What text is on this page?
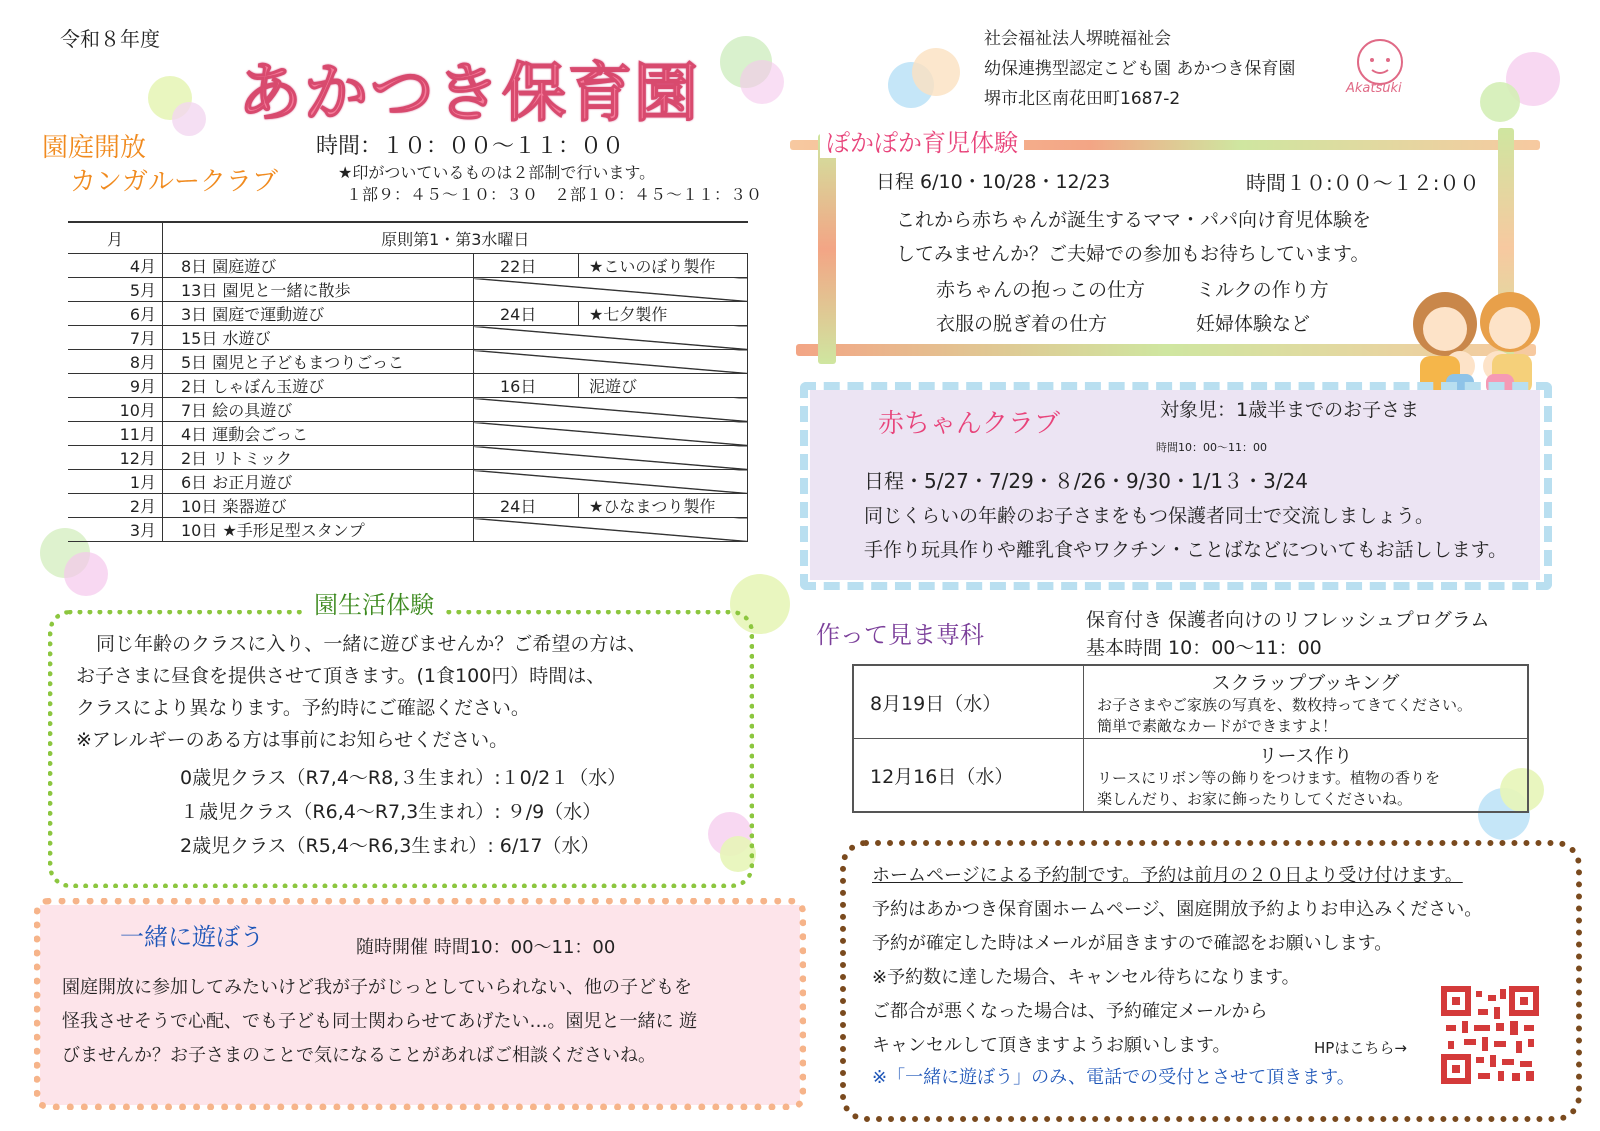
令和８年度
あかつき保育園
社会福祉法人堺暁福祉会
幼保連携型認定こども園 あかつき保育園
堺市北区南花田町1687-2
Akatsuki
園庭開放
カンガルークラブ
時間：１０：００～１１：００
★印がついているものは２部制で行います。
１部９：４５～１０：３０　２部１０：４５～１１：３０
月	原則第1・第3水曜日		
4月	8日 園庭遊び	22日	★こいのぼり製作
5月	13日 園児と一緒に散歩		
6月	3日 園庭で運動遊び	24日	★七夕製作
7月	15日 水遊び		
8月	5日 園児と子どもまつりごっこ		
9月	2日 しゃぼん玉遊び	16日	泥遊び
10月	7日 絵の具遊び		
11月	4日 運動会ごっこ		
12月	2日 リトミック		
1月	6日 お正月遊び		
2月	10日 楽器遊び	24日	★ひなまつり製作
3月	10日 ★手形足型スタンプ		
園生活体験
同じ年齢のクラスに入り、一緒に遊びませんか？ご希望の方は、
お子さまに昼食を提供させて頂きます。(1食100円）時間は、
クラスにより異なります。予約時にご確認ください。
※アレルギーのある方は事前にお知らせください。
0歳児クラス（R7,4～R8,３生まれ）:１0/2１（水）
１歳児クラス（R6,4～R7,3生まれ）: ９/9（水）
2歳児クラス（R5,4～R6,3生まれ）: 6/17（水）
一緒に遊ぼう	随時開催 時間10：00～11：00
園庭開放に参加してみたいけど我が子がじっとしていられない、他の子どもを
怪我させそうで心配、でも子ども同士関わらせてあげたい…。園児と一緒に 遊
びませんか？お子さまのことで気になることがあればご相談くださいね。
ぽかぽか育児体験
日程 6/10・10/28・12/23	時間１０:００～１２:００
これから赤ちゃんが誕生するママ・パパ向け育児体験を
してみませんか？ご夫婦での参加もお待ちしています。
赤ちゃんの抱っこの仕方	ミルクの作り方
衣服の脱ぎ着の仕方	妊婦体験など
赤ちゃんクラブ	対象児：1歳半までのお子さま
時間10：00～11：00
日程・5/27・7/29・８/26・9/30・1/1３・3/24
同じくらいの年齢のお子さまをもつ保護者同士で交流しましょう。
手作り玩具作りや離乳食やワクチン・ことばなどについてもお話しします。
作って見ま専科
保育付き 保護者向けのリフレッシュプログラム
基本時間 10：00～11：00
8月19日（水）	スクラップブッキング
お子さまやご家族の写真を、数枚持ってきてください。
簡単で素敵なカードができますよ！

12月16日（水）	リース作り
リースにリボン等の飾りをつけます。植物の香りを
楽しんだり、お家に飾ったりしてくださいね。
ホームページによる予約制です。予約は前月の２０日より受け付けます。
予約はあかつき保育園ホームページ、園庭開放予約よりお申込みください。
予約が確定した時はメールが届きますので確認をお願いします。
※予約数に達した場合、キャンセル待ちになります。
ご都合が悪くなった場合は、予約確定メールから
キャンセルして頂きますようお願いします。	HPはこちら→
※「一緒に遊ぼう」のみ、電話での受付とさせて頂きます。
